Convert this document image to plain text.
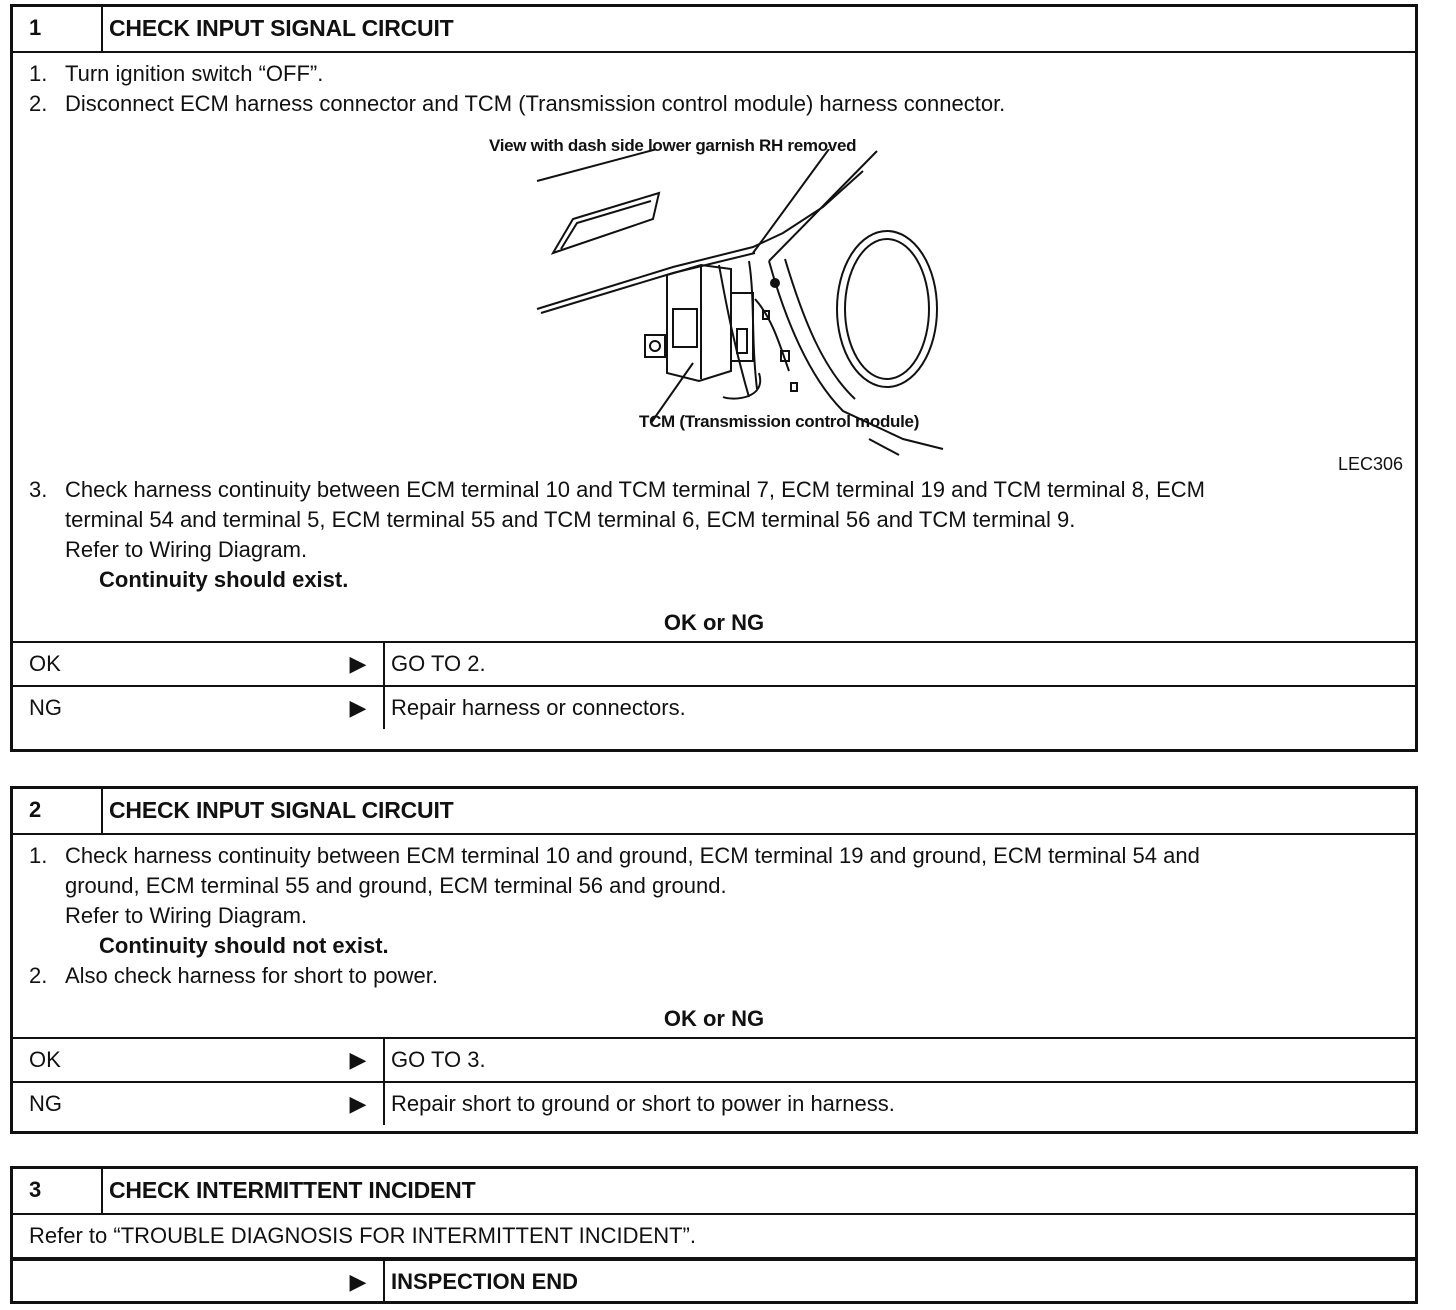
1	CHECK INPUT SIGNAL CIRCUIT
1. Turn ignition switch “OFF”.
2. Disconnect ECM harness connector and TCM (Transmission control module) harness connector.
View with dash side lower garnish RH removed
TCM (Transmission control module)
LEC306
3. Check harness continuity between ECM terminal 10 and TCM terminal 7, ECM terminal 19 and TCM terminal 8, ECM
terminal 54 and terminal 5, ECM terminal 55 and TCM terminal 6, ECM terminal 56 and TCM terminal 9.
Refer to Wiring Diagram.
Continuity should exist.
OK or NG
OK	▶	GO TO 2.
NG	▶	Repair harness or connectors.
2	CHECK INPUT SIGNAL CIRCUIT
1. Check harness continuity between ECM terminal 10 and ground, ECM terminal 19 and ground, ECM terminal 54 and
ground, ECM terminal 55 and ground, ECM terminal 56 and ground.
Refer to Wiring Diagram.
Continuity should not exist.
2. Also check harness for short to power.
OK or NG
OK	▶	GO TO 3.
NG	▶	Repair short to ground or short to power in harness.
3	CHECK INTERMITTENT INCIDENT
Refer to “TROUBLE DIAGNOSIS FOR INTERMITTENT INCIDENT”.
▶	INSPECTION END
